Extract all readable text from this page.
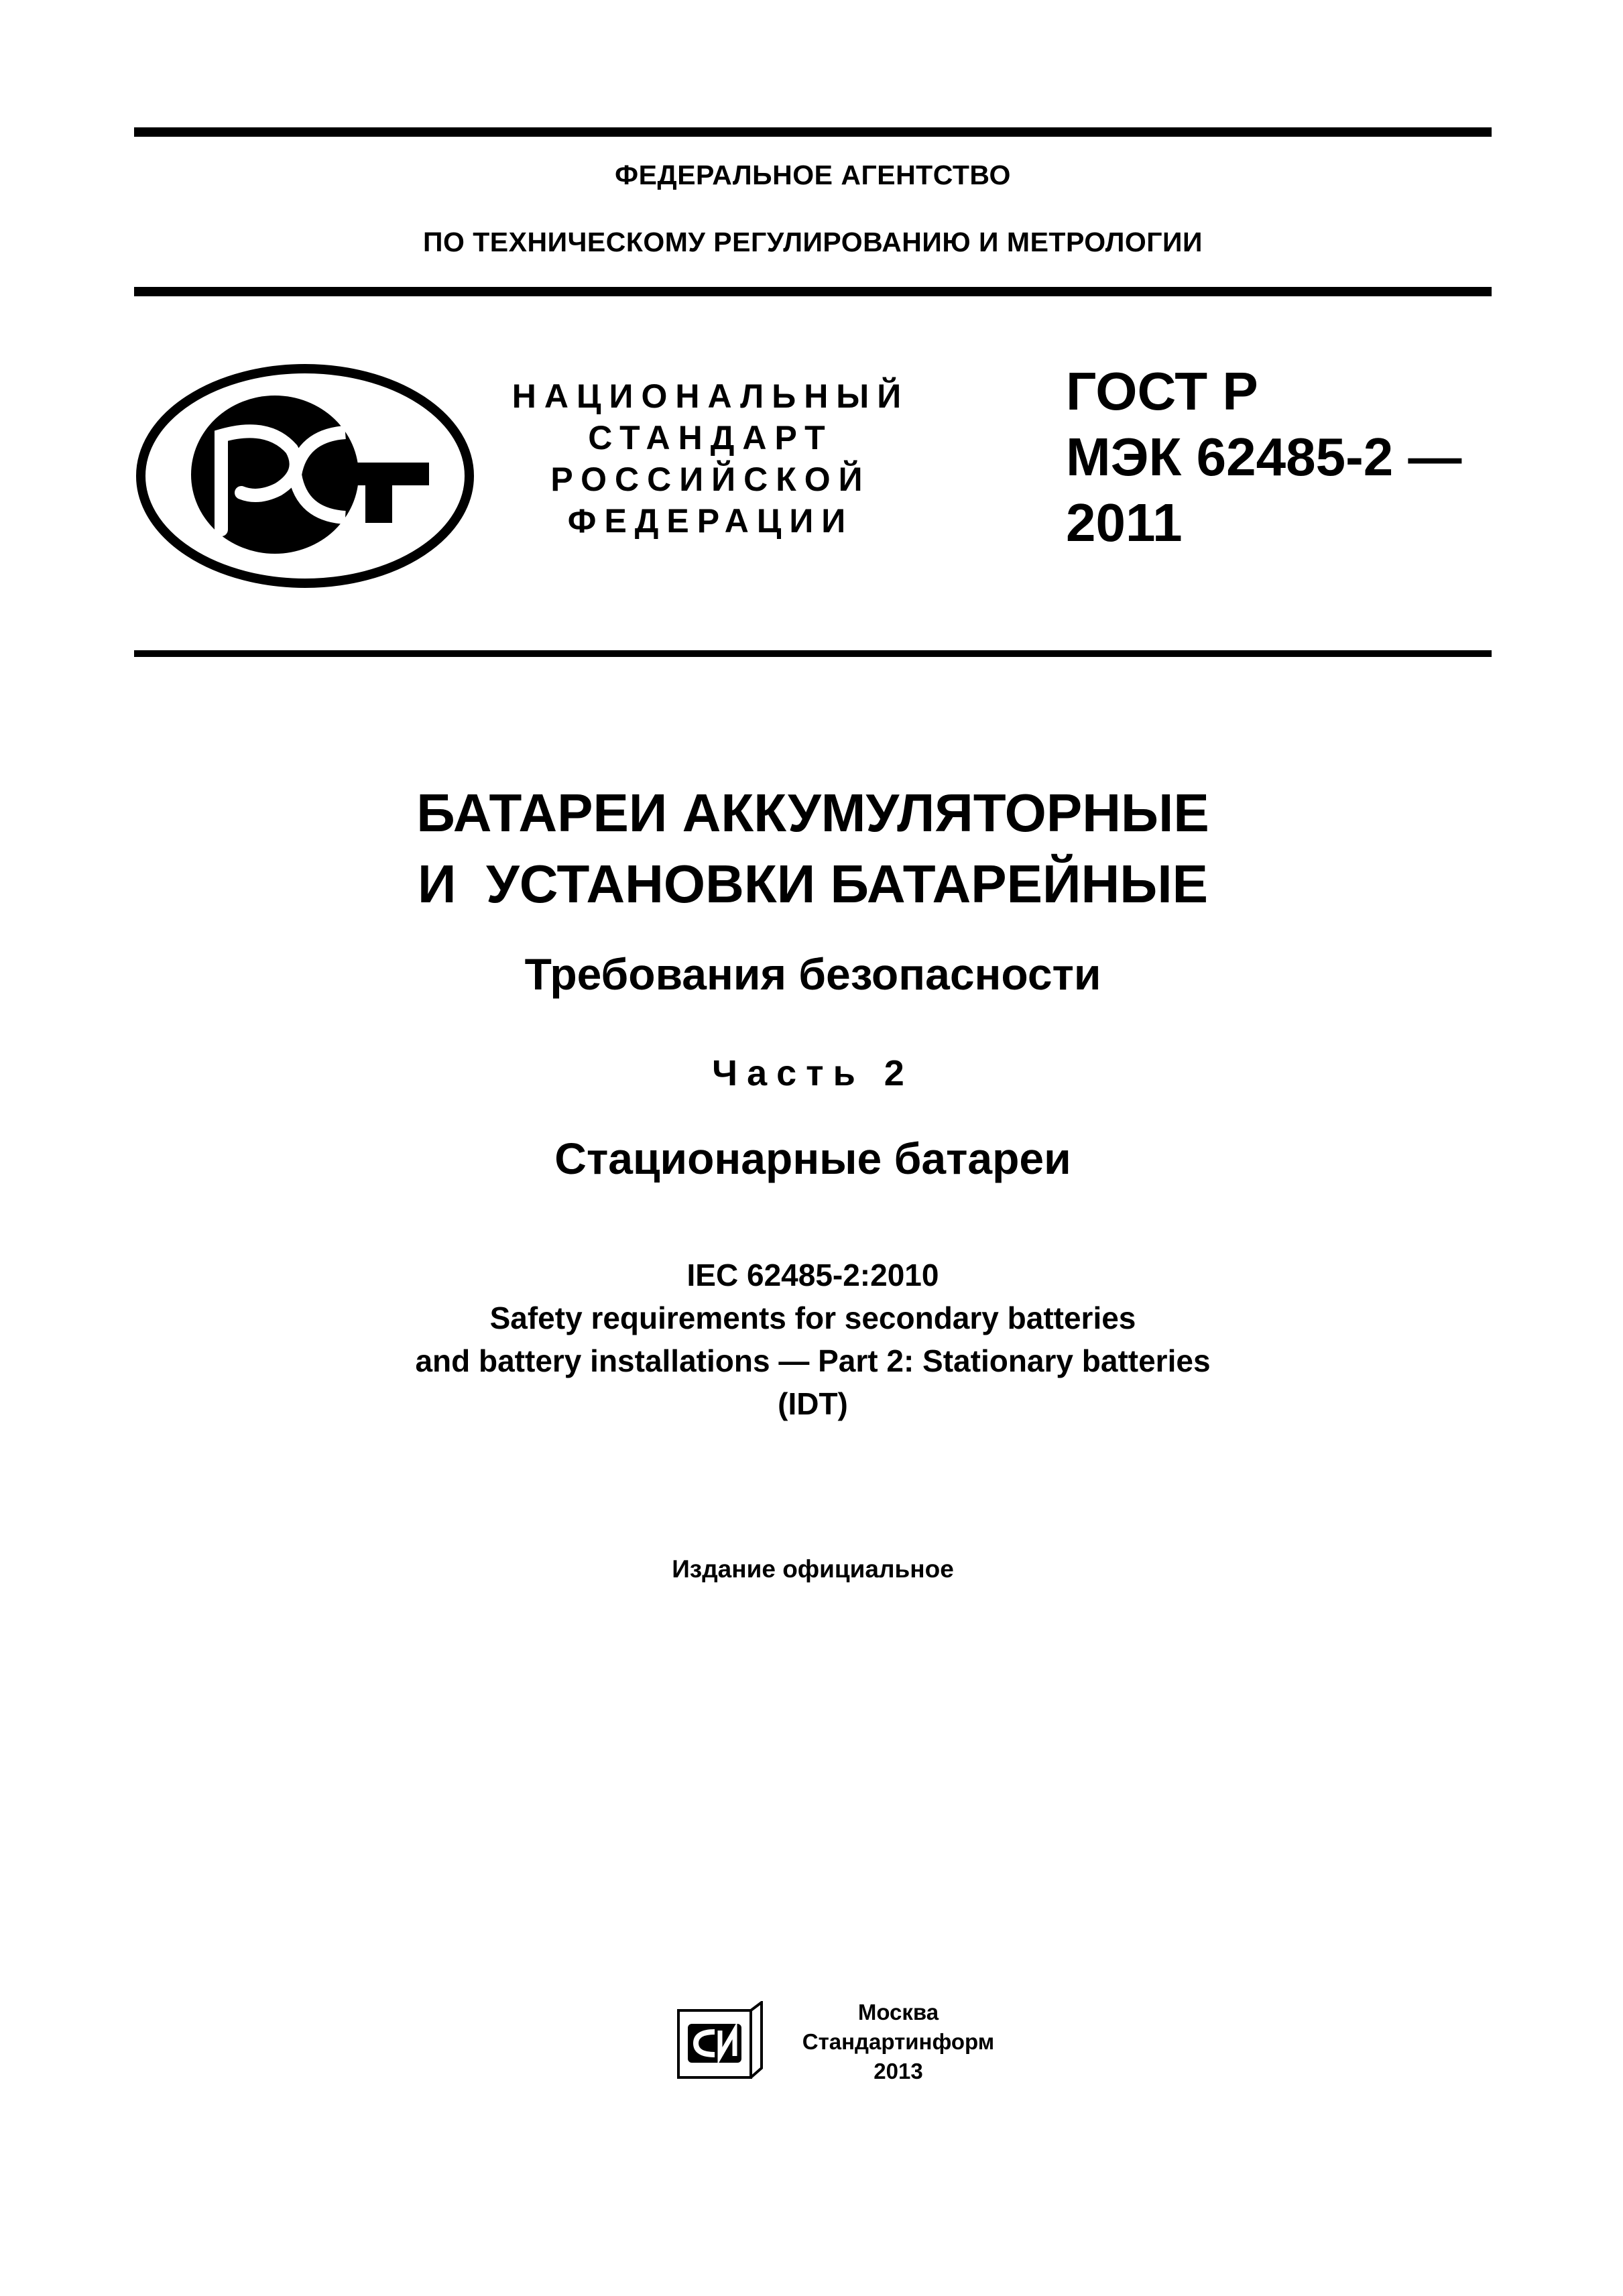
ФЕДЕРАЛЬНОЕ АГЕНТСТВО
ПО ТЕХНИЧЕСКОМУ РЕГУЛИРОВАНИЮ И МЕТРОЛОГИИ
НАЦИОНАЛЬНЫЙ
СТАНДАРТ
РОССИЙСКОЙ
ФЕДЕРАЦИИ
ГОСТ Р
МЭК 62485-2 —
2011
БАТАРЕИ АККУМУЛЯТОРНЫЕ
И  УСТАНОВКИ БАТАРЕЙНЫЕ
Требования безопасности
Часть 2
Стационарные батареи
IEC 62485-2:2010
Safety requirements for secondary batteries
and battery installations — Part 2: Stationary batteries
(IDT)
Издание официальное
Москва
Стандартинформ
2013
